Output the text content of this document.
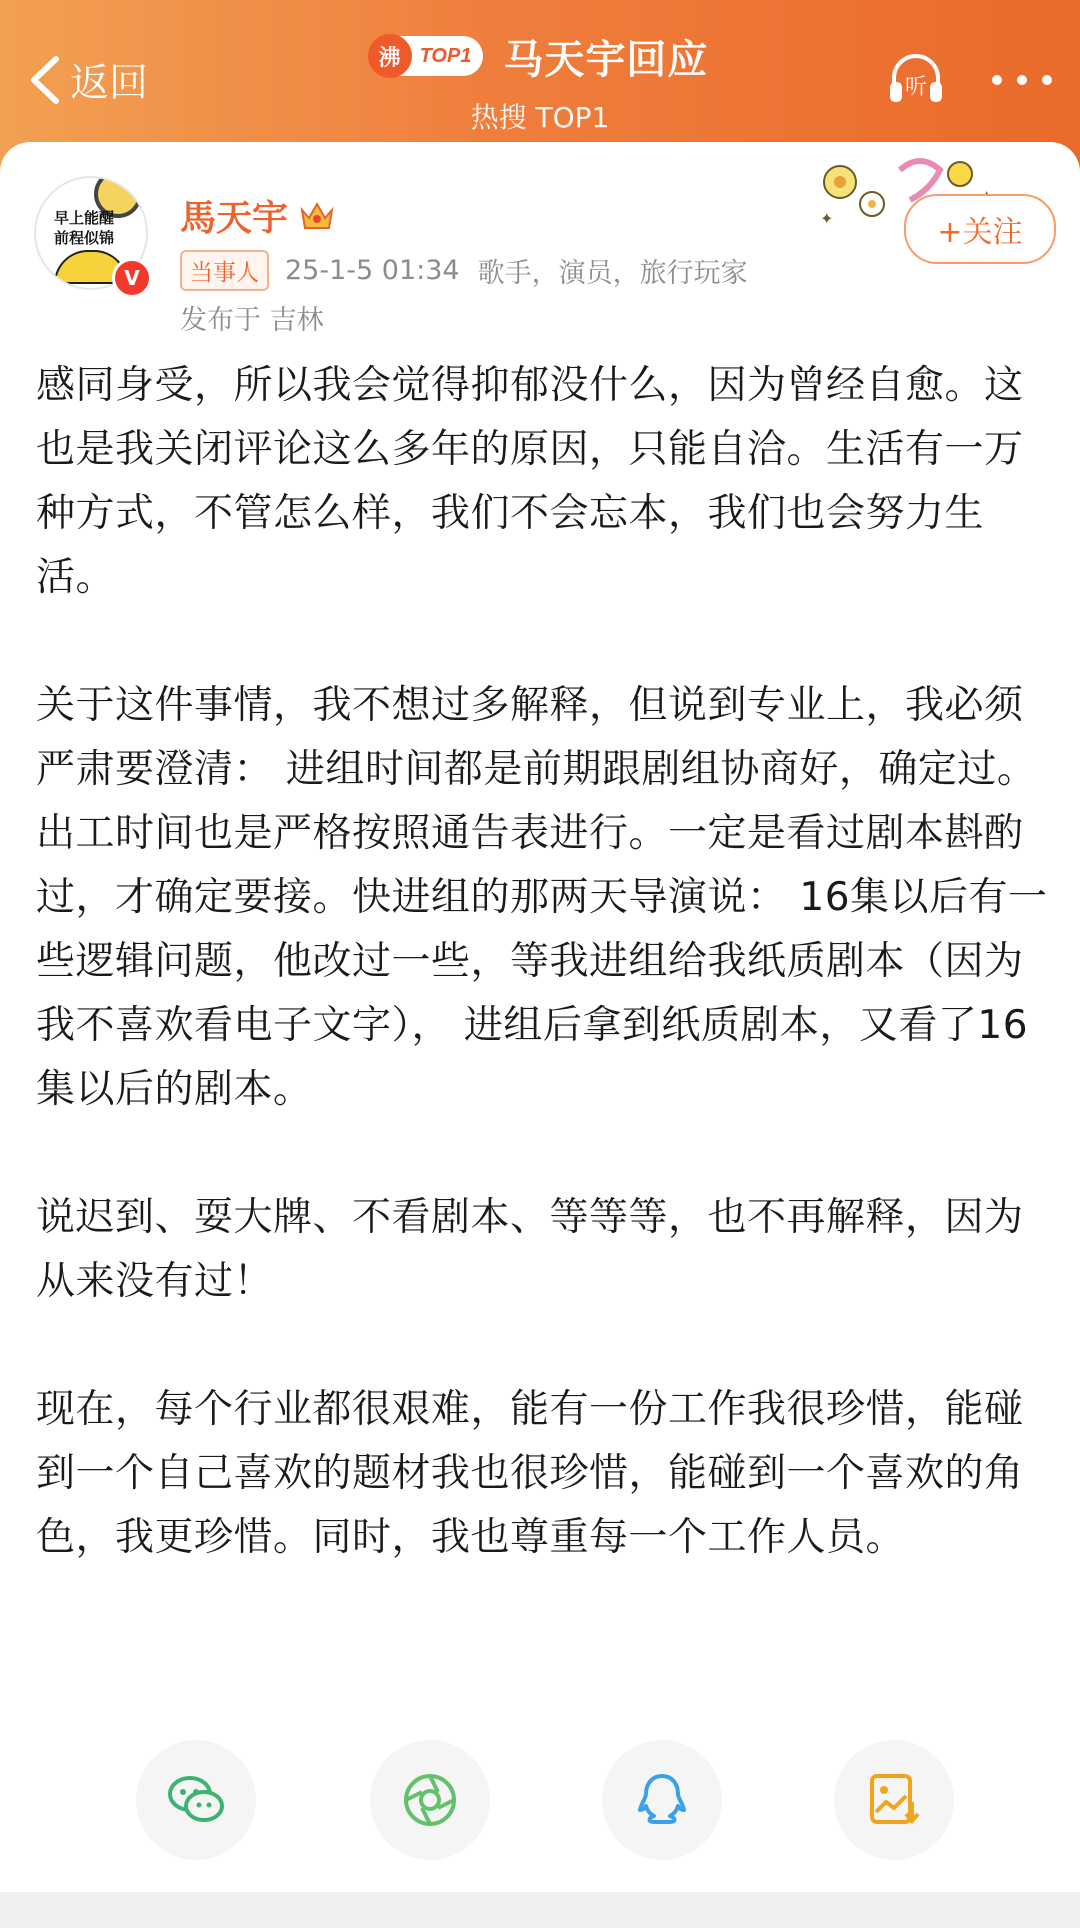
返回
沸 TOP1 马天宇回应
热搜 TOP1
听
早上能醒 前程似锦
V
馬天宇
当事人 25-1-5 01:34 歌手，演员，旅行玩家
发布于 吉林
✦	+关注

感同身受，所以我会觉得抑郁没什么，因为曾经自愈。这也是我关闭评论这么多年的原因，只能自洽。生活有一万种方式，不管怎么样，我们不会忘本，我们也会努力生活。

关于这件事情，我不想过多解释，但说到专业上，我必须严肃要澄清： 进组时间都是前期跟剧组协商好，确定过。出工时间也是严格按照通告表进行。一定是看过剧本斟酌过，才确定要接。快进组的那两天导演说： 16集以后有一些逻辑问题，他改过一些，等我进组给我纸质剧本（因为我不喜欢看电子文字）， 进组后拿到纸质剧本，又看了16集以后的剧本。

说迟到、耍大牌、不看剧本、等等等，也不再解释，因为从来没有过！

现在，每个行业都很艰难，能有一份工作我很珍惜，能碰到一个自己喜欢的题材我也很珍惜，能碰到一个喜欢的角色，我更珍惜。同时，我也尊重每一个工作人员。
